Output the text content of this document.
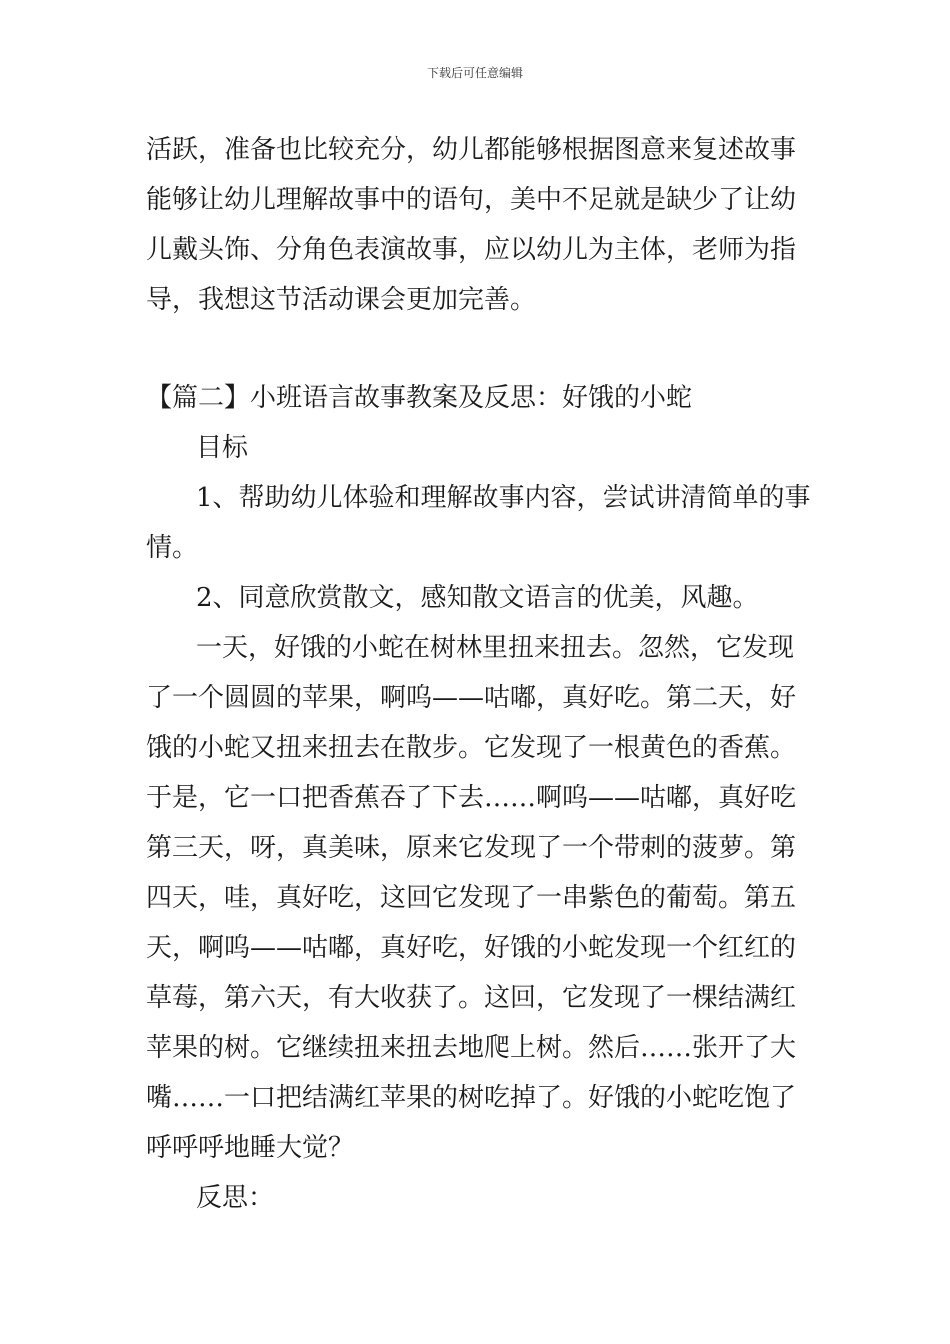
下载后可任意编辑
活跃，准备也比较充分，幼儿都能够根据图意来复述故事
能够让幼儿理解故事中的语句，美中不足就是缺少了让幼
儿戴头饰、分角色表演故事，应以幼儿为主体，老师为指
导，我想这节活动课会更加完善。
【篇二】小班语言故事教案及反思：好饿的小蛇
目标
1、帮助幼儿体验和理解故事内容，尝试讲清简单的事
情。
2、同意欣赏散文，感知散文语言的优美，风趣。
一天，好饿的小蛇在树林里扭来扭去。忽然，它发现
了一个圆圆的苹果，啊呜——咕嘟，真好吃。第二天，好
饿的小蛇又扭来扭去在散步。它发现了一根黄色的香蕉。
于是，它一口把香蕉吞了下去……啊呜——咕嘟，真好吃
第三天，呀，真美味，原来它发现了一个带刺的菠萝。第
四天，哇，真好吃，这回它发现了一串紫色的葡萄。第五
天，啊呜——咕嘟，真好吃，好饿的小蛇发现一个红红的
草莓，第六天，有大收获了。这回，它发现了一棵结满红
苹果的树。它继续扭来扭去地爬上树。然后……张开了大
嘴……一口把结满红苹果的树吃掉了。好饿的小蛇吃饱了
呼呼呼地睡大觉？
反思：
